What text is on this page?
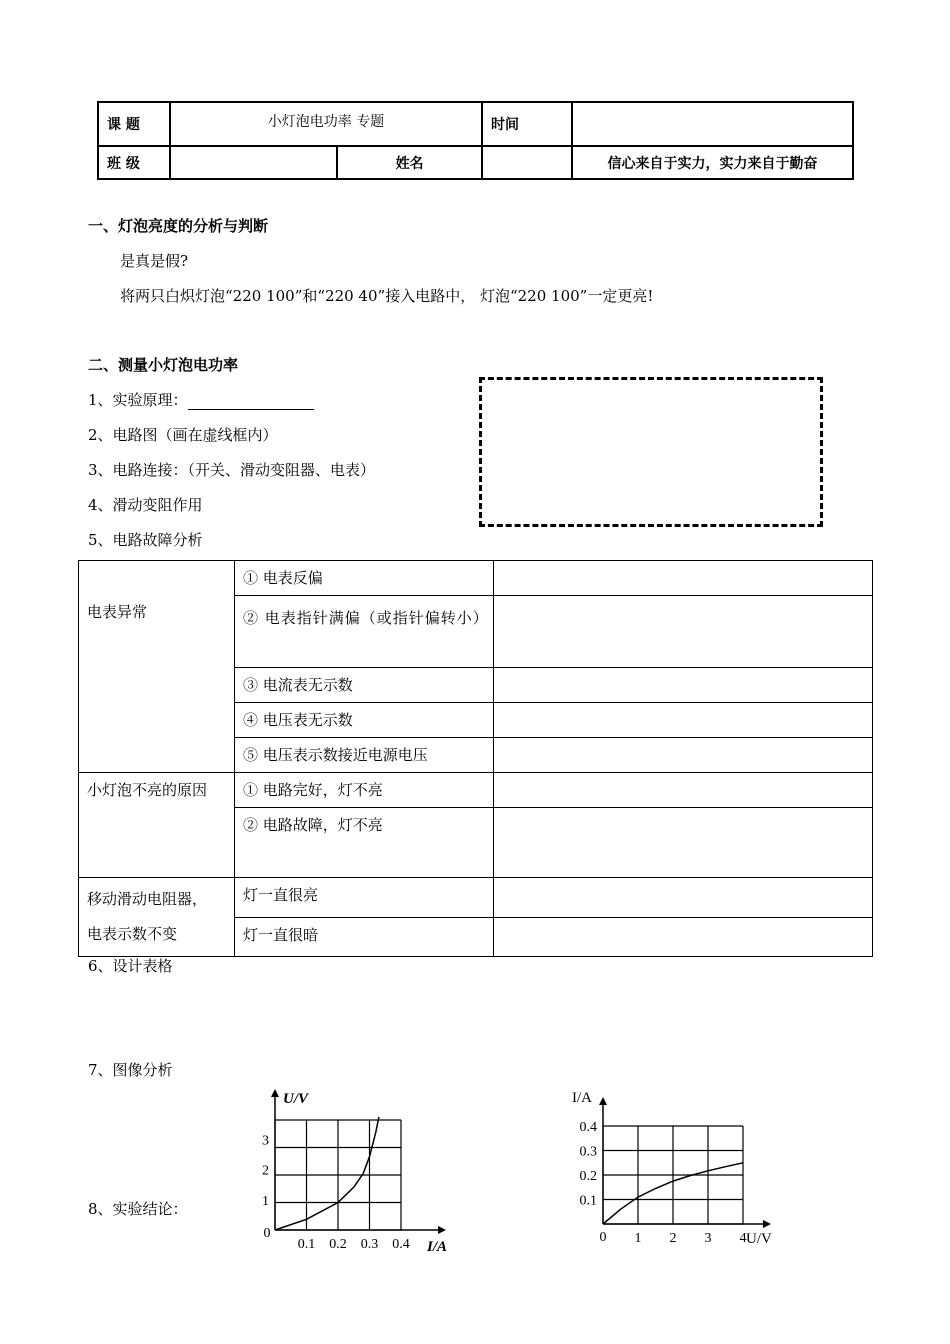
课 题	小灯泡电功率 专题		时间	
班 级		姓名		信心来自于实力，实力来自于勤奋
一、灯泡亮度的分析与判断
是真是假?
将两只白炽灯泡“220 100”和“220 40”接入电路中， 灯泡“220 100”一定更亮!
二、测量小灯泡电功率
1、实验原理：
2、电路图（画在虚线框内）
3、电路连接：（开关、滑动变阻器、电表）
4、滑动变阻作用
5、电路故障分析
电表异常	① 电表反偏	
	② 电表指针满偏（或指针偏转小）	
	③ 电流表无示数	
	④ 电压表无示数	
	⑤ 电压表示数接近电源电压	
小灯泡不亮的原因	① 电路完好，灯不亮	
	② 电路故障，灯不亮	

移动滑动电阻器，
电表示数不变	灯一直很亮	
	灯一直很暗	
6、设计表格
7、图像分析
8、实验结论：
0.1 0.2 0.3 0.4
1
2
3
0
I/A
U/V
1 2 3 4
0.1
0.2
0.3
0.4
0	U/V
I/A
